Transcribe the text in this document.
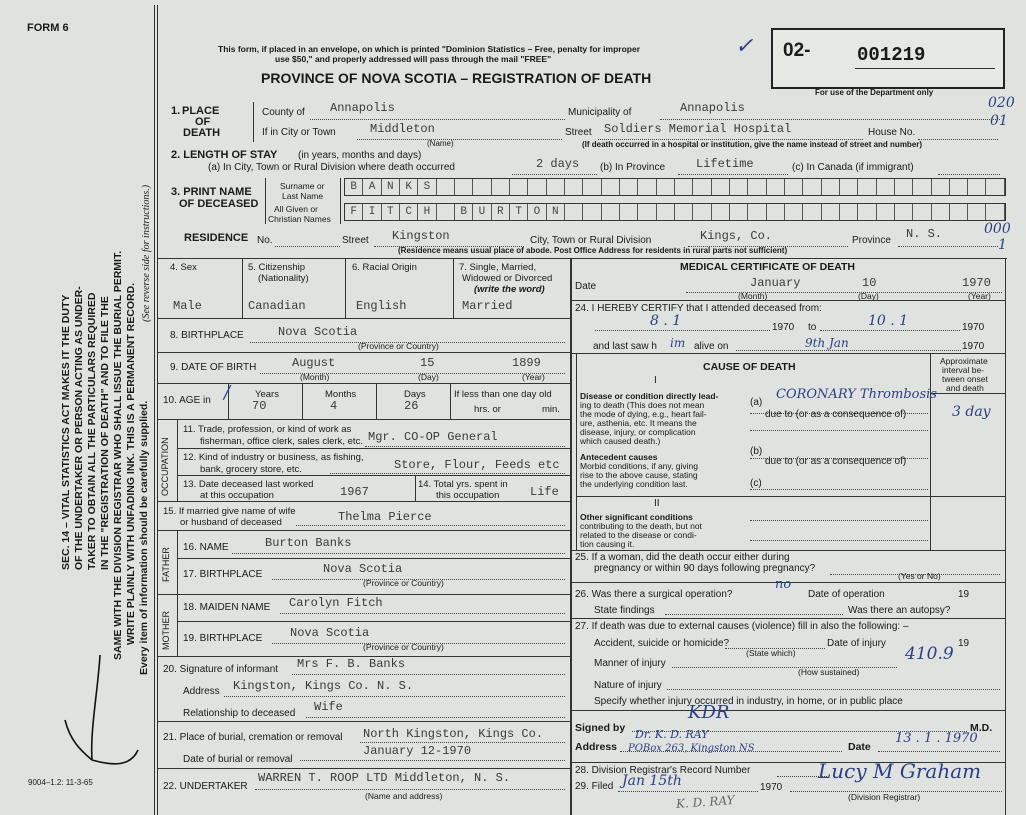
FORM 6
This form, if placed in an envelope, on which is printed "Dominion Statistics – Free, penalty for improper
use $50," and properly addressed will pass through the mail "FREE"
PROVINCE OF NOVA SCOTIA – REGISTRATION OF DEATH
02- 001219
For use of the Department only
✓
020
01
000
1
SEC. 14 – VITAL STATISTICS ACT MAKES IT THE DUTY OF THE UNDERTAKER OR PERSON ACTING AS UNDER- TAKER TO OBTAIN ALL THE PARTICULARS REQUIRED IN THE "REGISTRATION OF DEATH" AND TO FILE THE SAME WITH THE DIVISION REGISTRAR WHO SHALL ISSUE THE BURIAL PERMIT. WRITE PLAINLY WITH UNFADING INK. THIS IS A PERMANENT RECORD. Every item of information should be carefully supplied.
(See reverse side for instructions.)
9004–1.2: 11-3-65
1. PLACE
OF
DEATH
County of Annapolis	Municipality of	Annapolis
If in City or Town	Middleton
(Name)
Street Soldiers Memorial Hospital	House No.
(If death occurred in a hospital or institution, give the name instead of street and number)
2. LENGTH OF STAY (in years, months and days)
(a) In City, Town or Rural Division where death occurred	2 days (b) In Province	Lifetime	(c) In Canada (if immigrant)
3. PRINT NAME
OF DECEASED
Surname or
Last Name
All Given or
Christian Names
B	A	N	K	S
F	I	T	C	H	B	U	R	T	O	N
RESIDENCE No.	Street Kingston	City, Town or Rural Division	Kings, Co.	Province N. S.
(Residence means usual place of abode. Post Office Address for residents in rural parts not sufficient)
4. Sex
Male
5. Citizenship
(Nationality)
Canadian
6. Racial Origin
English
7. Single, Married,
Widowed or Divorced
(write the word)
Married
8. BIRTHPLACE	Nova Scotia
(Province or Country)
9. DATE OF BIRTH	August	15	1899
(Month)	(Day)	(Year)
10. AGE in
Years	Months	Days
70	4	26
If less than one day old
hrs. or	min.
/
OCCUPATION
11. Trade, profession, or kind of work as
fisherman, office clerk, sales clerk, etc. Mgr. CO-OP General
12. Kind of industry or business, as fishing,
bank, grocery store, etc.	Store, Flour, Feeds etc
13. Date deceased last worked
at this occupation	1967
14. Total yrs. spent in
this occupation	Life
15. If married give name of wife
or husband of deceased	Thelma Pierce
FATHER 16. NAME	Burton Banks
17. BIRTHPLACE	Nova Scotia
(Province or Country)
MOTHER
18. MAIDEN NAME Carolyn Fitch
19. BIRTHPLACE Nova Scotia
(Province or Country)
20. Signature of informant Mrs F. B. Banks
Address Kingston, Kings Co. N. S.
Relationship to deceased Wife
21. Place of burial, cremation or removal North Kingston, Kings Co.
January 12-1970
Date of burial or removal
22. UNDERTAKER
WARREN T. ROOP LTD Middleton, N. S.
(Name and address)
MEDICAL CERTIFICATE OF DEATH
Date	January	10	1970
(Month)	(Day)	(Year)
24. I HEREBY CERTIFY that I attended deceased from:
8 . 1	1970 to	10 . 1	1970
and last saw h im alive on	9th Jan	1970
CAUSE OF DEATH	Approximate
interval be-
tween onset
and death
I
Disease or condition directly lead-
ing to death (This does not mean
the mode of dying, e.g., heart fail-
ure, asthenia, etc. It means the
disease, injury, or complication
which caused death.)
(a)
CORONARY Thrombosis
due to (or as a consequence of)	3 day
Antecedent causes
Morbid conditions, if any, giving
rise to the above cause, stating
the underlying condition last.
(b)
due to (or as a consequence of)
(c)
II
Other significant conditions
contributing to the death, but not
related to the disease or condi-
tion causing it.
25. If a woman, did the death occur either during
pregnancy or within 90 days following pregnancy?
(Yes or No)
26. Was there a surgical operation?
no
Date of operation	19
State findings	Was there an autopsy?
27. If death was due to external causes (violence) fill in also the following: –
Accident, suicide or homicide?	Date of injury	19
(State which)	410.9
Manner of injury
(How sustained)
Nature of injury
Specify whether injury occurred in industry, in home, or in public place
Signed by
KDR
M.D.
Address
Dr. K. D. RAY
POBox 263, Kingston NS	Date
13 . 1 . 1970
28. Division Registrar's Record Number
29. Filed Jan 15th	1970
Lucy M Graham
(Division Registrar)
K. D. RAY
